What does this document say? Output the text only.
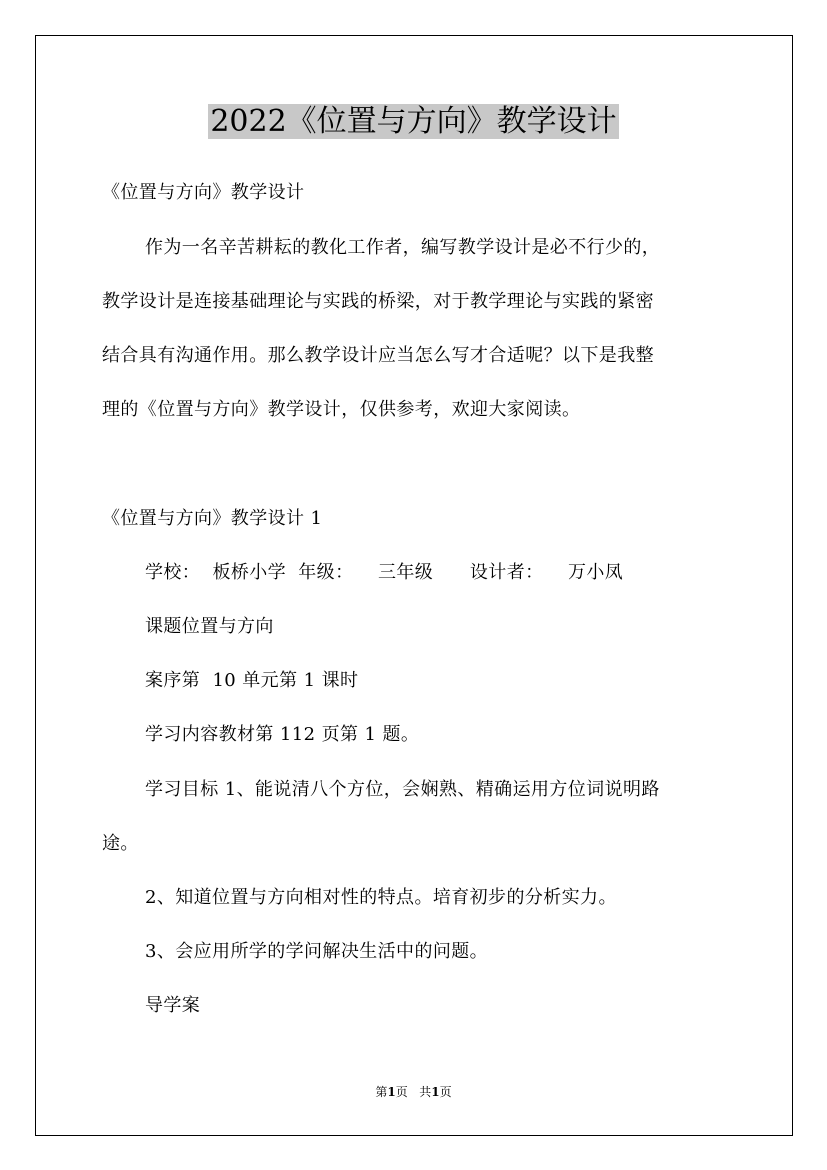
2022《位置与方向》教学设计
《位置与方向》教学设计
作为一名辛苦耕耘的教化工作者，编写教学设计是必不行少的，
教学设计是连接基础理论与实践的桥梁，对于教学理论与实践的紧密
结合具有沟通作用。那么教学设计应当怎么写才合适呢？以下是我整
理的《位置与方向》教学设计，仅供参考，欢迎大家阅读。
《位置与方向》教学设计 1
学校：  板桥小学  年级：    三年级      设计者：    万小凤
课题位置与方向
案序第  10 单元第 1 课时
学习内容教材第 112 页第 1 题。
学习目标 1、能说清八个方位，会娴熟、精确运用方位词说明路
途。
2、知道位置与方向相对性的特点。培育初步的分析实力。
3、会应用所学的学问解决生活中的问题。
导学案
第1页 共1页
